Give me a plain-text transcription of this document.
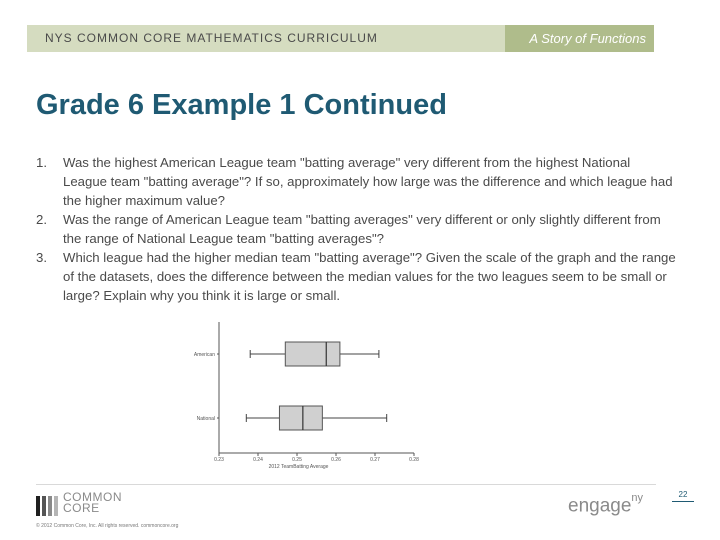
NYS COMMON CORE MATHEMATICS CURRICULUM	A Story of Functions
Grade 6 Example 1 Continued
1. Was the highest American League team "batting average" very different from the highest National League team "batting average"? If so, approximately how large was the difference and which league had the higher maximum value?
2. Was the range of American League team "batting averages" very different or only slightly different from the range of National League team "batting averages"?
3. Which league had the higher median team "batting average"? Given the scale of the graph and the range of the datasets, does the difference between the median values for the two leagues seem to be small or large? Explain why you think it is large or small.
American
National
0.23	0.24	0.25	0.26	0.27	0.28
2012 TeamBatting Average
COMMON
CORE
© 2012 Common Core, Inc. All rights reserved. commoncore.org
engage$^{ny}$	22
